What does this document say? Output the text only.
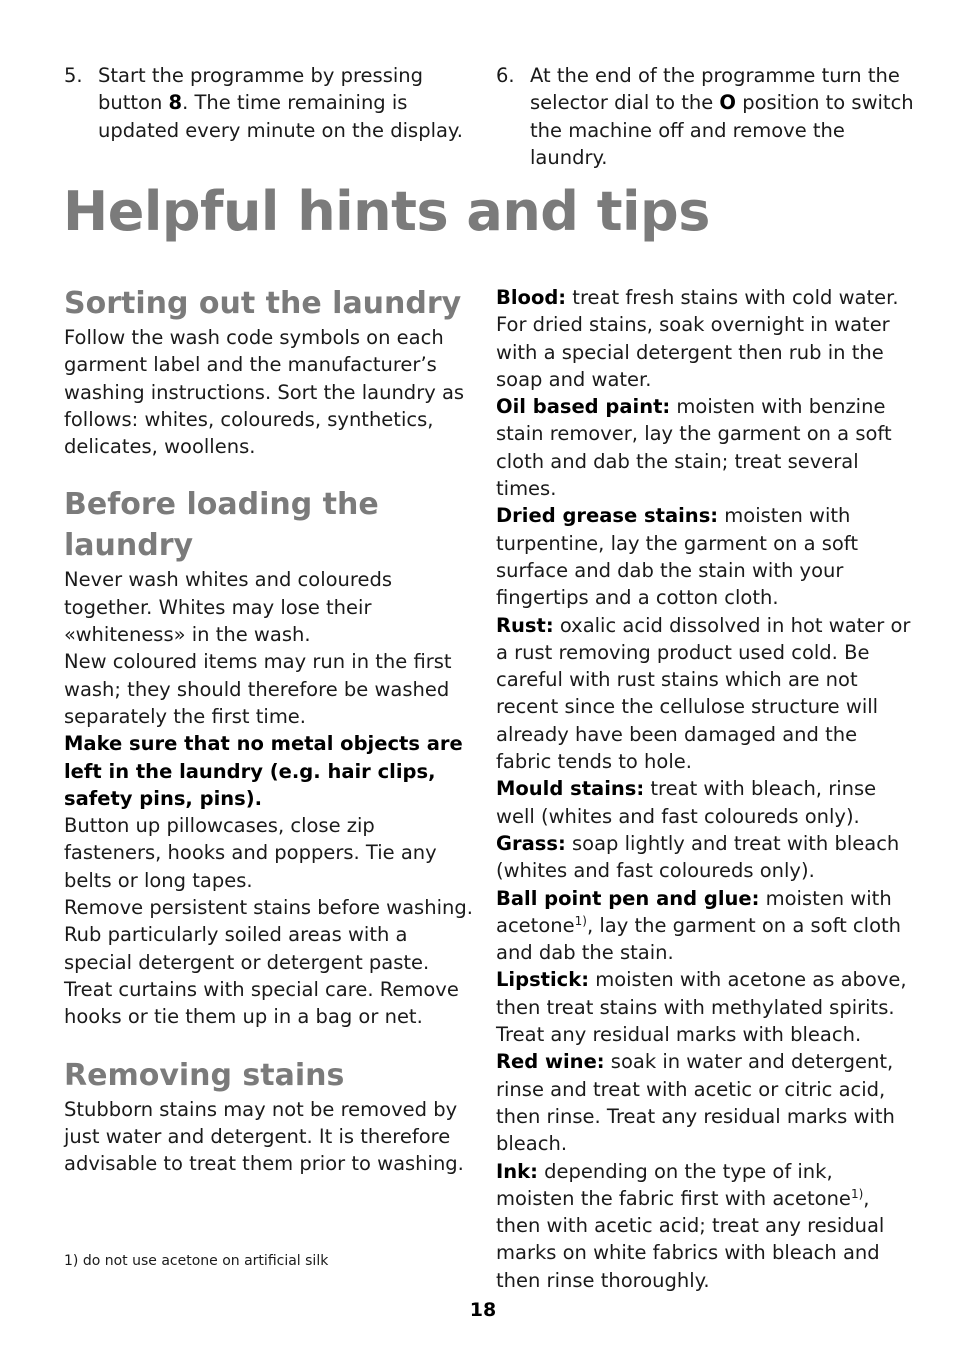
5. Start the programme by pressing button 8. The time remaining is updated every minute on the display.
6. At the end of the programme turn the selector dial to the O position to switch the machine off and remove the laundry.
Helpful hints and tips
Sorting out the laundry

Follow the wash code symbols on each garment label and the manufacturer’s washing instructions. Sort the laundry as follows: whites, coloureds, synthetics, delicates, woollens.

Before loading the laundry

Never wash whites and coloureds together. Whites may lose their «whiteness» in the wash.

New coloured items may run in the first wash; they should therefore be washed separately the first time.

Make sure that no metal objects are left in the laundry (e.g. hair clips, safety pins, pins).

Button up pillowcases, close zip fasteners, hooks and poppers. Tie any belts or long tapes.

Remove persistent stains before washing. Rub particularly soiled areas with a special detergent or detergent paste.

Treat curtains with special care. Remove hooks or tie them up in a bag or net.

Removing stains

Stubborn stains may not be removed by just water and detergent. It is therefore advisable to treat them prior to washing.

Blood: treat fresh stains with cold water. For dried stains, soak overnight in water with a special detergent then rub in the soap and water.

Oil based paint: moisten with benzine stain remover, lay the garment on a soft cloth and dab the stain; treat several times.

Dried grease stains: moisten with turpentine, lay the garment on a soft surface and dab the stain with your fingertips and a cotton cloth.

Rust: oxalic acid dissolved in hot water or a rust removing product used cold. Be careful with rust stains which are not recent since the cellulose structure will already have been damaged and the fabric tends to hole.

Mould stains: treat with bleach, rinse well (whites and fast coloureds only).

Grass: soap lightly and treat with bleach (whites and fast coloureds only).

Ball point pen and glue: moisten with acetone$^{1)}$, lay the garment on a soft cloth and dab the stain.

Lipstick: moisten with acetone as above, then treat stains with methylated spirits. Treat any residual marks with bleach.

Red wine: soak in water and detergent, rinse and treat with acetic or citric acid, then rinse. Treat any residual marks with bleach.

Ink: depending on the type of ink, moisten the fabric first with acetone$^{1)}$, then with acetic acid; treat any residual marks on white fabrics with bleach and then rinse thoroughly.

1) do not use acetone on artificial silk
18
